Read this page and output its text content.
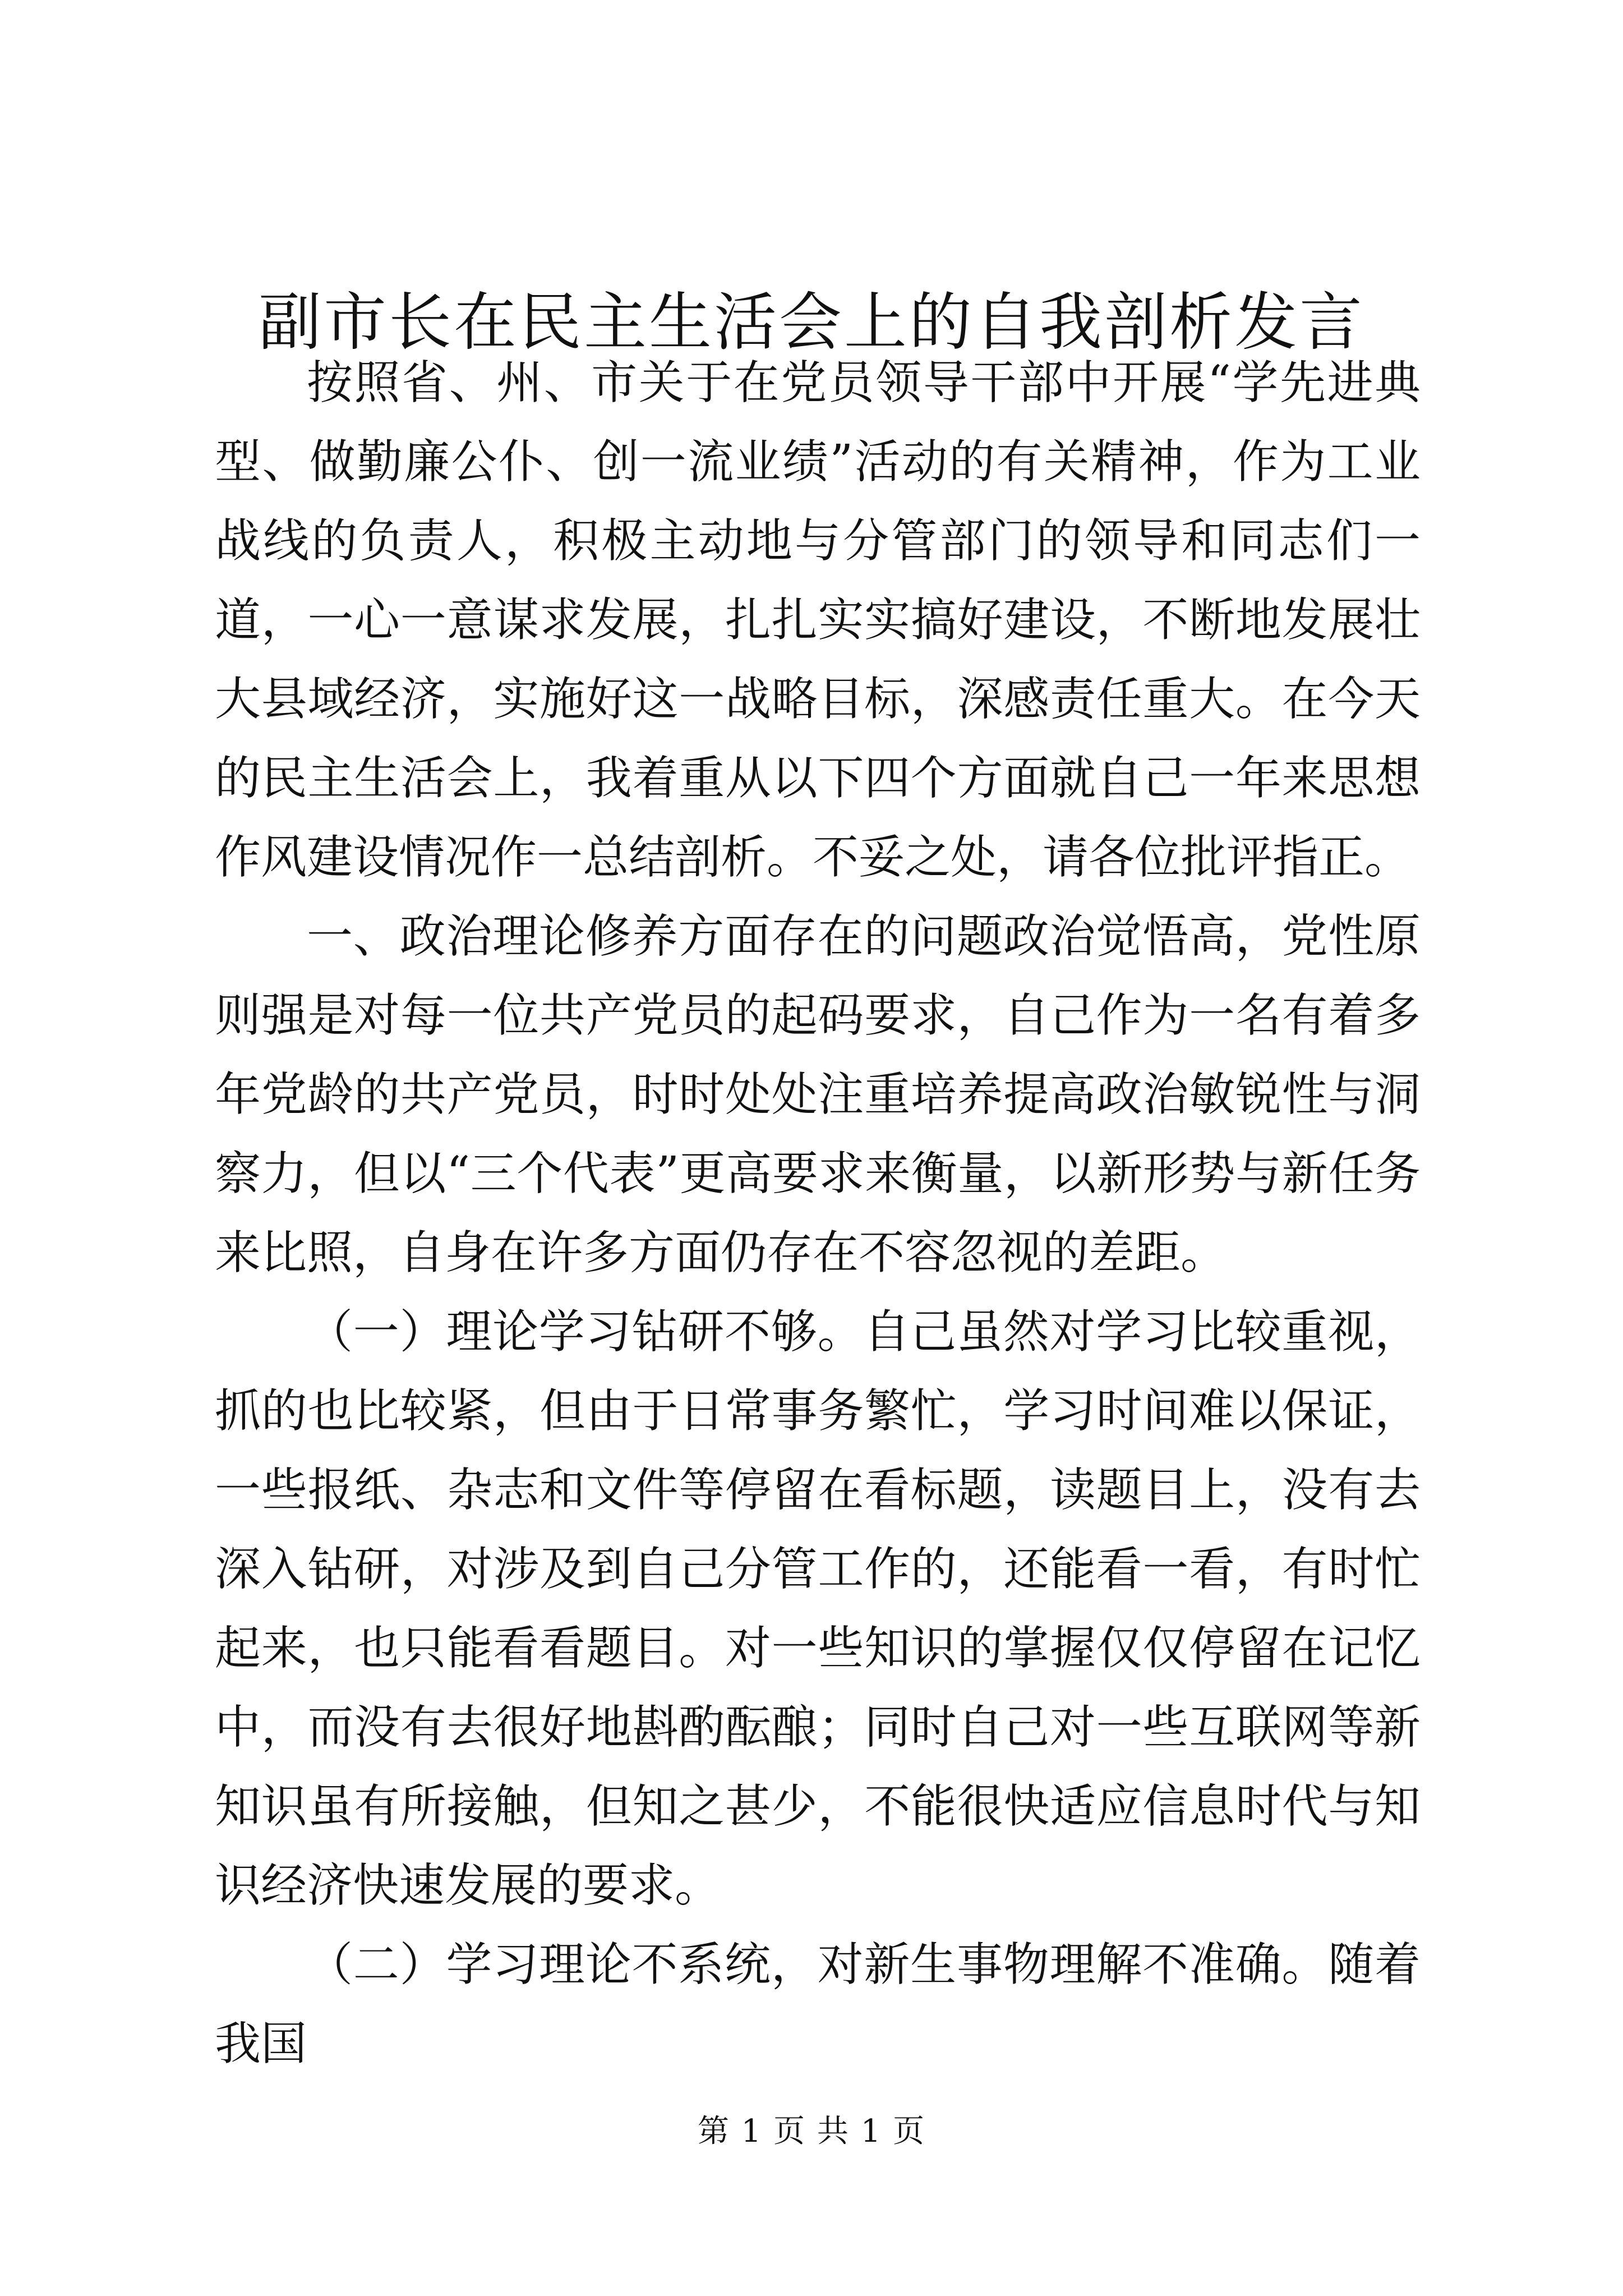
副市长在民主生活会上的自我剖析发言

按照省、州、市关于在党员领导干部中开展“学先进典型、做勤廉公仆、创一流业绩”活动的有关精神，作为工业战线的负责人，积极主动地与分管部门的领导和同志们一道，一心一意谋求发展，扎扎实实搞好建设，不断地发展壮大县域经济，实施好这一战略目标，深感责任重大。在今天的民主生活会上，我着重从以下四个方面就自己一年来思想作风建设情况作一总结剖析。不妥之处，请各位批评指正。

一、政治理论修养方面存在的问题政治觉悟高，党性原则强是对每一位共产党员的起码要求，自己作为一名有着多年党龄的共产党员，时时处处注重培养提高政治敏锐性与洞察力，但以“三个代表”更高要求来衡量，以新形势与新任务来比照，自身在许多方面仍存在不容忽视的差距。

（一）理论学习钻研不够。自己虽然对学习比较重视，抓的也比较紧，但由于日常事务繁忙，学习时间难以保证，一些报纸、杂志和文件等停留在看标题，读题目上，没有去深入钻研，对涉及到自己分管工作的，还能看一看，有时忙起来，也只能看看题目。对一些知识的掌握仅仅停留在记忆中，而没有去很好地斟酌酝酿；同时自己对一些互联网等新知识虽有所接触，但知之甚少，不能很快适应信息时代与知识经济快速发展的要求。

（二）学习理论不系统，对新生事物理解不准确。随着我国

第 1 页 共 1 页
